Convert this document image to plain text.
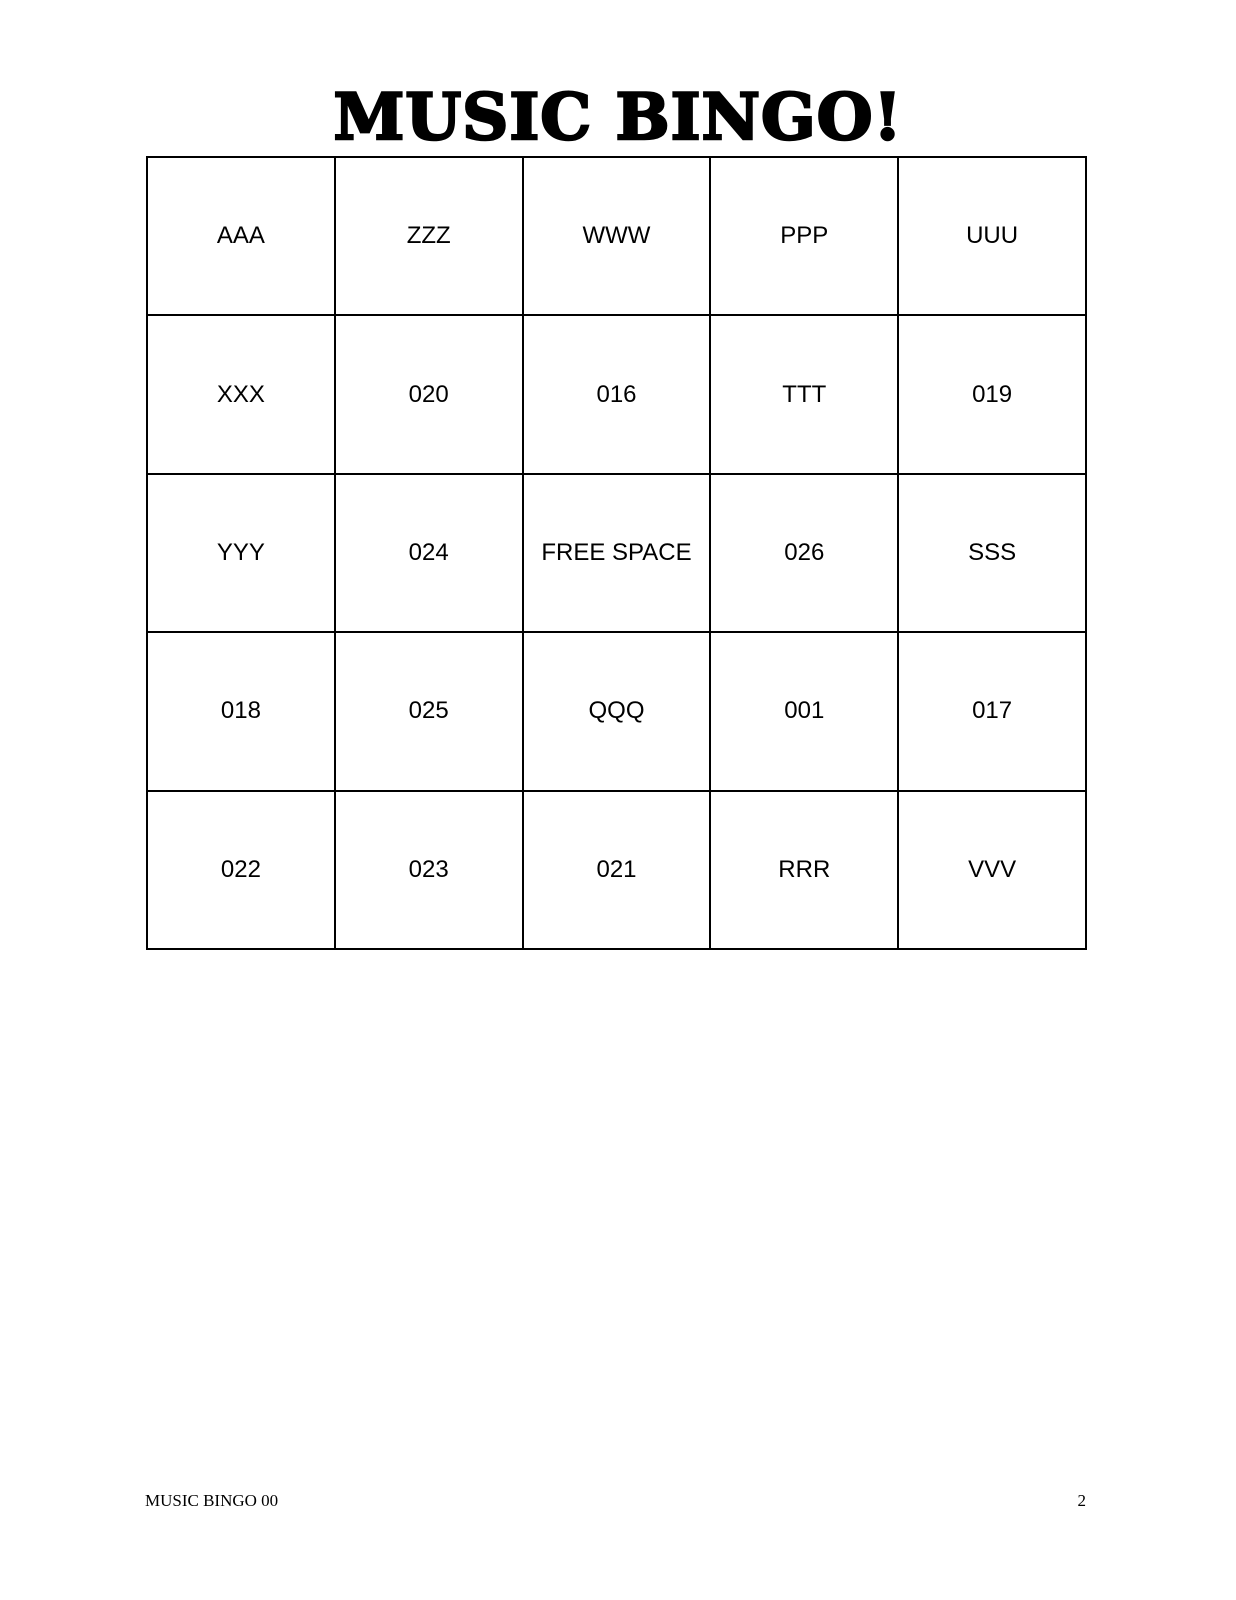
MUSIC BINGO!
AAA	ZZZ	WWW	PPP	UUU
XXX	020	016	TTT	019
YYY	024	FREE SPACE	026	SSS
018	025	QQQ	001	017
022	023	021	RRR	VVV
MUSIC BINGO 00	2
